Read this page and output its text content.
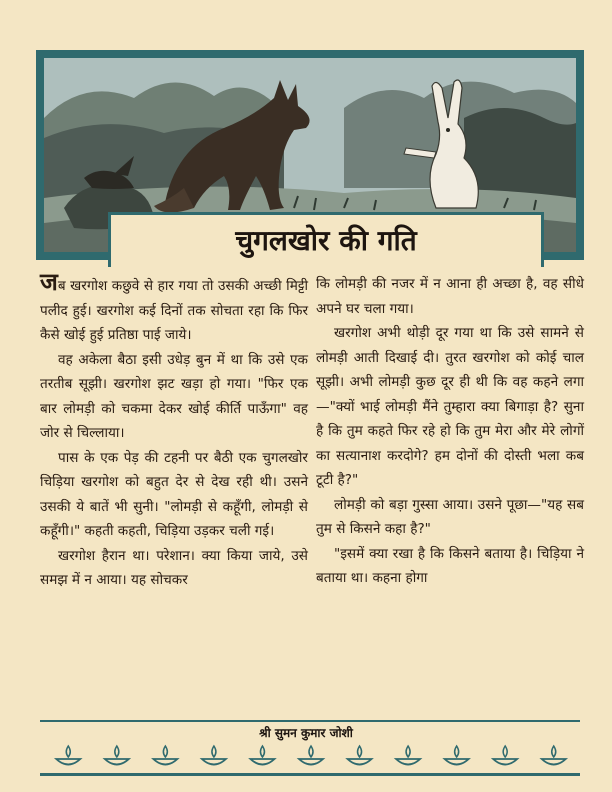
चुगलखोर की गति

जब खरगोश कछुवे से हार गया तो उसकी अच्छी मिट्टी पलीद हुई। खरगोश कई दिनों तक सोचता रहा कि फिर कैसे खोई हुई प्रतिष्ठा पाई जाये।

वह अकेला बैठा इसी उधेड़ बुन में था कि उसे एक तरतीब सूझी। खरगोश झट खड़ा हो गया। "फिर एक बार लोमड़ी को चकमा देकर खोई कीर्ति पाऊँगा" वह जोर से चिल्लाया।

पास के एक पेड़ की टहनी पर बैठी एक चुगलखोर चिड़िया खरगोश को बहुत देर से देख रही थी। उसने उसकी ये बातें भी सुनी। "लोमड़ी से कहूँगी, लोमड़ी से कहूँगी।" कहती कहती, चिड़िया उड़कर चली गई।

खरगोश हैरान था। परेशान। क्या किया जाये, उसे समझ में न आया। यह सोचकर

कि लोमड़ी की नजर में न आना ही अच्छा है, वह सीधे अपने घर चला गया।

खरगोश अभी थोड़ी दूर गया था कि उसे सामने से लोमड़ी आती दिखाई दी। तुरत खरगोश को कोई चाल सूझी। अभी लोमड़ी कुछ दूर ही थी कि वह कहने लगा—"क्यों भाई लोमड़ी मैंने तुम्हारा क्या बिगाड़ा है? सुना है कि तुम कहते फिर रहे हो कि तुम मेरा और मेरे लोगों का सत्यानाश करदोगे? हम दोनों की दोस्ती भला कब टूटी है?"

लोमड़ी को बड़ा गुस्सा आया। उसने पूछा—"यह सब तुम से किसने कहा है?"

"इसमें क्या रखा है कि किसने बताया है। चिड़िया ने बताया था। कहना होगा

श्री सुमन कुमार जोशी
